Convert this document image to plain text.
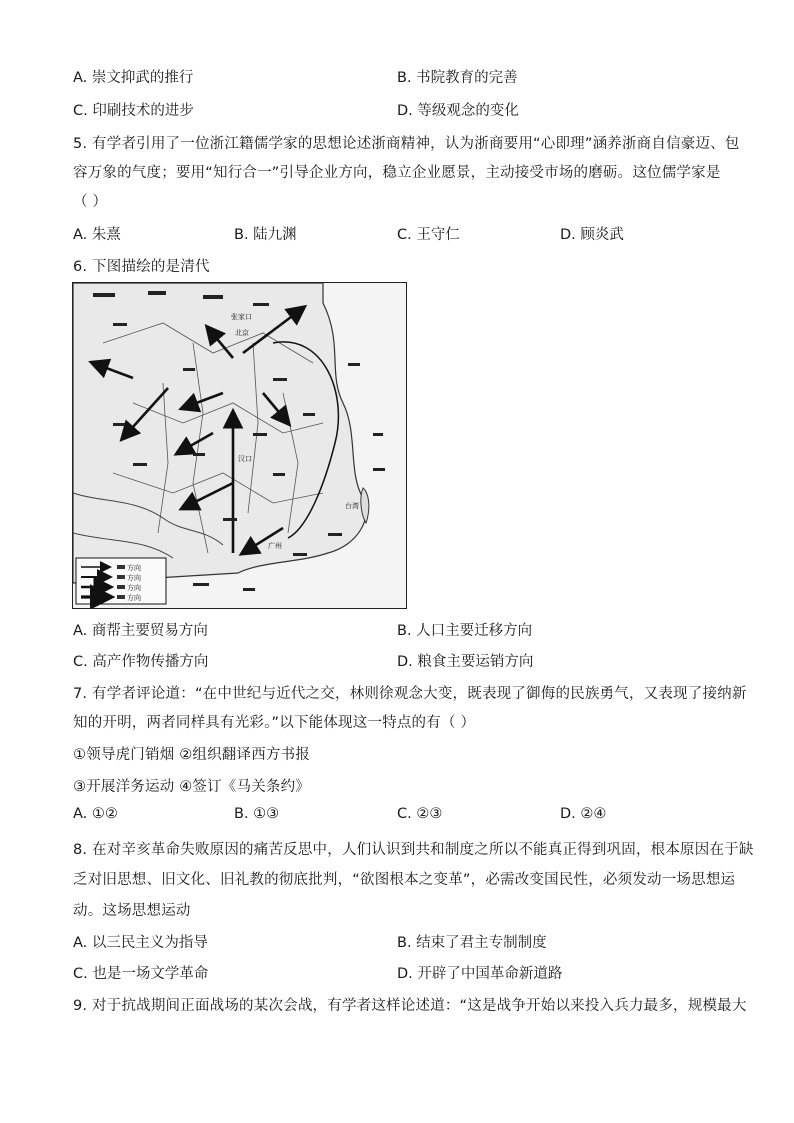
A. 崇文抑武的推行	B. 书院教育的完善
C. 印刷技术的进步	D. 等级观念的变化
5. 有学者引用了一位浙江籍儒学家的思想论述浙商精神，认为浙商要用“心即理”涵养浙商自信豪迈、包
容万象的气度；要用“知行合一”引导企业方向，稳立企业愿景，主动接受市场的磨砺。这位儒学家是
（ ）
A. 朱熹	B. 陆九渊	C. 王守仁	D. 顾炎武
6. 下图描绘的是清代
张家口
北京
汉口
广州
台湾
方向
方向
方向
方向
A. 商帮主要贸易方向	B. 人口主要迁移方向
C. 高产作物传播方向	D. 粮食主要运销方向
7. 有学者评论道：“在中世纪与近代之交，林则徐观念大变，既表现了御侮的民族勇气，又表现了接纳新
知的开明，两者同样具有光彩。”以下能体现这一特点的有（ ）
①领导虎门销烟 ②组织翻译西方书报
③开展洋务运动 ④签订《马关条约》
A. ①②	B. ①③	C. ②③	D. ②④
8. 在对辛亥革命失败原因的痛苦反思中，人们认识到共和制度之所以不能真正得到巩固，根本原因在于缺
乏对旧思想、旧文化、旧礼教的彻底批判，“欲图根本之变革”，必需改变国民性，必须发动一场思想运
动。这场思想运动
A. 以三民主义为指导	B. 结束了君主专制制度
C. 也是一场文学革命	D. 开辟了中国革命新道路
9. 对于抗战期间正面战场的某次会战，有学者这样论述道：“这是战争开始以来投入兵力最多，规模最大
